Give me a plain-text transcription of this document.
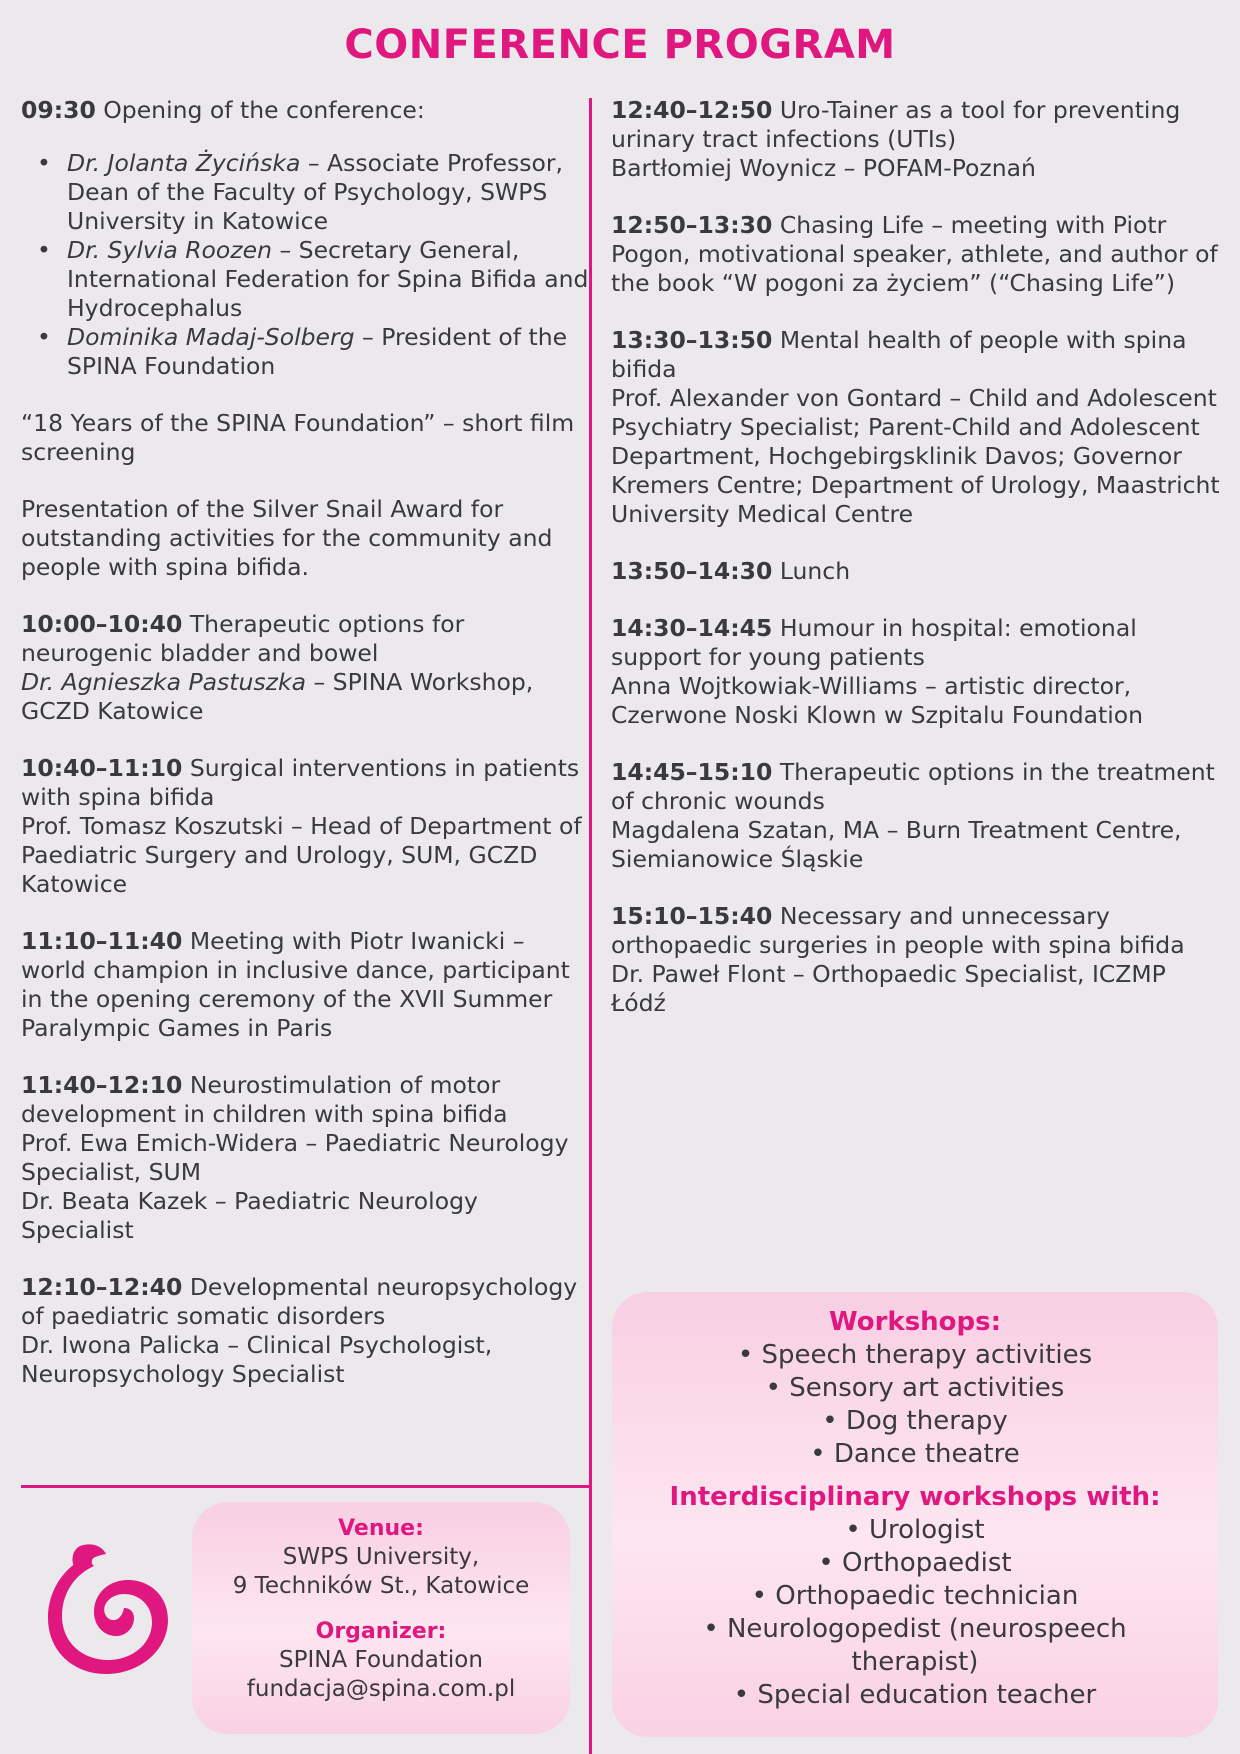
CONFERENCE PROGRAM
09:30 Opening of the conference:
• Dr. Jolanta Życińska – Associate Professor, Dean of the Faculty of Psychology, SWPS University in Katowice
• Dr. Sylvia Roozen – Secretary General, International Federation for Spina Bifida and Hydrocephalus
• Dominika Madaj-Solberg – President of the SPINA Foundation
“18 Years of the SPINA Foundation” – short film screening
Presentation of the Silver Snail Award for outstanding activities for the community and people with spina bifida.
10:00–10:40 Therapeutic options for neurogenic bladder and bowel
Dr. Agnieszka Pastuszka – SPINA Workshop, GCZD Katowice
10:40–11:10 Surgical interventions in patients with spina bifida
Prof. Tomasz Koszutski – Head of Department of Paediatric Surgery and Urology, SUM, GCZD Katowice
11:10–11:40 Meeting with Piotr Iwanicki – world champion in inclusive dance, participant in the opening ceremony of the XVII Summer Paralympic Games in Paris
11:40–12:10 Neurostimulation of motor development in children with spina bifida
Prof. Ewa Emich-Widera – Paediatric Neurology Specialist, SUM
Dr. Beata Kazek – Paediatric Neurology Specialist
12:10–12:40 Developmental neuropsychology of paediatric somatic disorders
Dr. Iwona Palicka – Clinical Psychologist, Neuropsychology Specialist
12:40–12:50 Uro-Tainer as a tool for preventing urinary tract infections (UTIs)
Bartłomiej Woynicz – POFAM-Poznań
12:50–13:30 Chasing Life – meeting with Piotr Pogon, motivational speaker, athlete, and author of the book “W pogoni za życiem” (“Chasing Life”)
13:30–13:50 Mental health of people with spina bifida
Prof. Alexander von Gontard – Child and Adolescent Psychiatry Specialist; Parent-Child and Adolescent Department, Hochgebirgsklinik Davos; Governor Kremers Centre; Department of Urology, Maastricht University Medical Centre
13:50–14:30 Lunch
14:30–14:45 Humour in hospital: emotional support for young patients
Anna Wojtkowiak-Williams – artistic director, Czerwone Noski Klown w Szpitalu Foundation
14:45–15:10 Therapeutic options in the treatment of chronic wounds
Magdalena Szatan, MA – Burn Treatment Centre, Siemianowice Śląskie
15:10–15:40 Necessary and unnecessary orthopaedic surgeries in people with spina bifida
Dr. Paweł Flont – Orthopaedic Specialist, ICZMP Łódź
Venue:
SWPS University,
9 Techników St., Katowice
Organizer:
SPINA Foundation
fundacja@spina.com.pl
Workshops:
• Speech therapy activities
• Sensory art activities
• Dog therapy
• Dance theatre
Interdisciplinary workshops with:
• Urologist
• Orthopaedist
• Orthopaedic technician
• Neurologopedist (neurospeech therapist)
• Special education teacher
